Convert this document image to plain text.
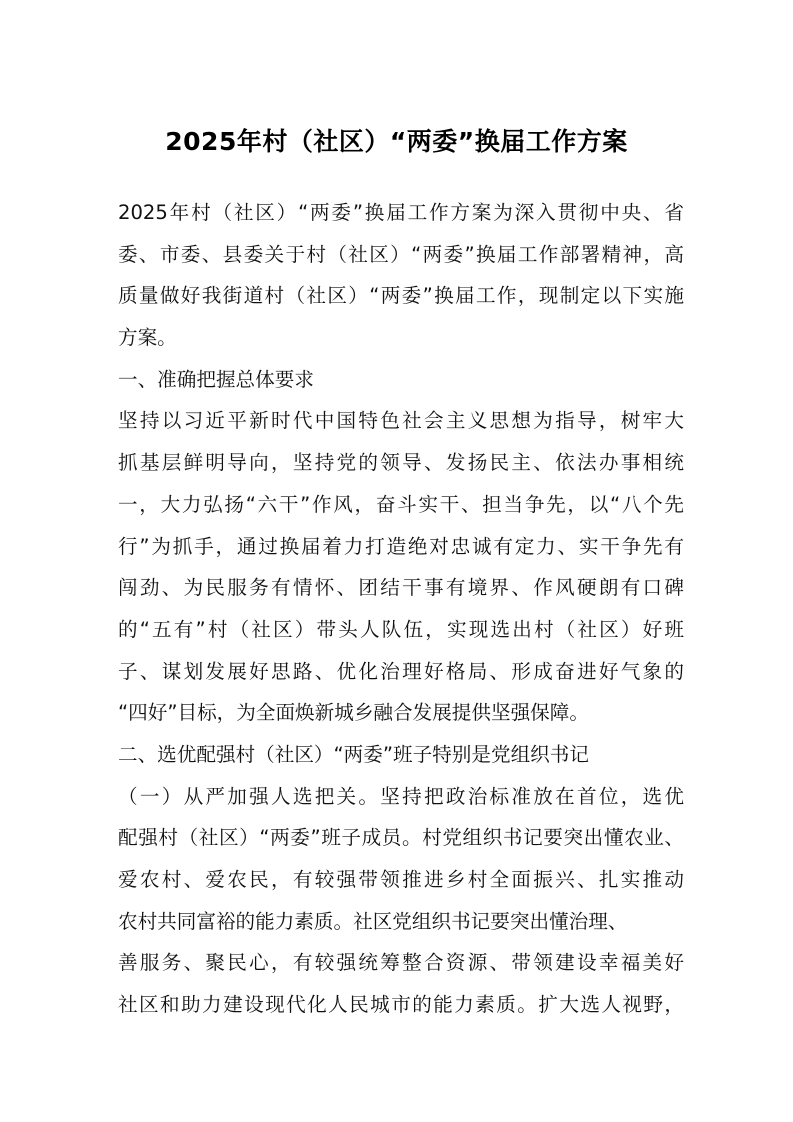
2025年村（社区）“两委”换届工作方案
2025年村（社区）“两委”换届工作方案为深入贯彻中央、省
委、市委、县委关于村（社区）“两委”换届工作部署精神，高
质量做好我街道村（社区）“两委”换届工作，现制定以下实施
方案。
一、准确把握总体要求
坚持以习近平新时代中国特色社会主义思想为指导，树牢大
抓基层鲜明导向，坚持党的领导、发扬民主、依法办事相统
一，大力弘扬“六干”作风，奋斗实干、担当争先，以“八个先
行”为抓手，通过换届着力打造绝对忠诚有定力、实干争先有
闯劲、为民服务有情怀、团结干事有境界、作风硬朗有口碑
的“五有”村（社区）带头人队伍，实现选出村（社区）好班
子、谋划发展好思路、优化治理好格局、形成奋进好气象的
“四好”目标，为全面焕新城乡融合发展提供坚强保障。
二、选优配强村（社区）“两委”班子特别是党组织书记
（一）从严加强人选把关。坚持把政治标准放在首位，选优
配强村（社区）“两委”班子成员。村党组织书记要突出懂农业、
爱农村、爱农民，有较强带领推进乡村全面振兴、扎实推动
农村共同富裕的能力素质。社区党组织书记要突出懂治理、
善服务、聚民心，有较强统筹整合资源、带领建设幸福美好
社区和助力建设现代化人民城市的能力素质。扩大选人视野，
